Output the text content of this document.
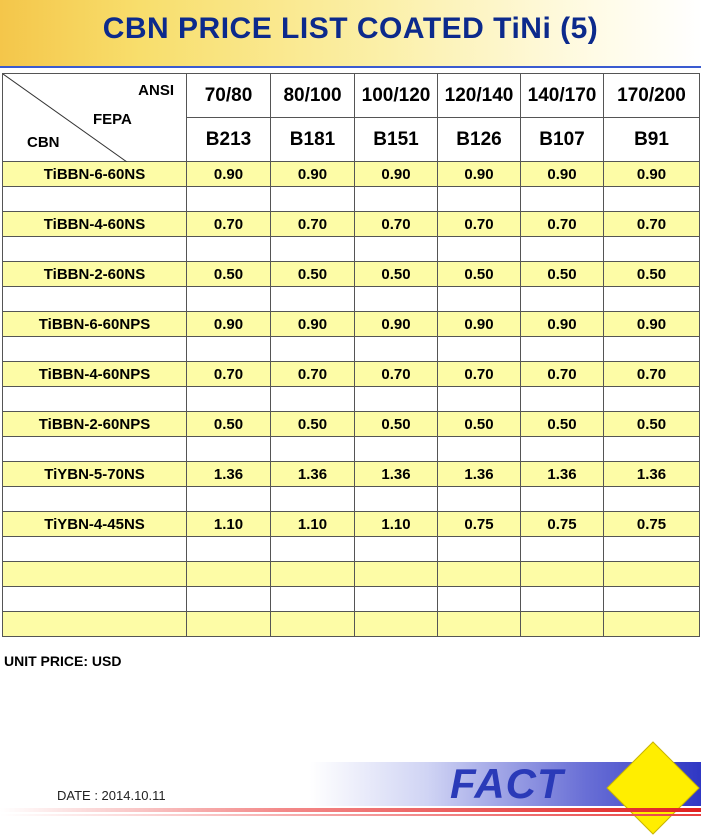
CBN PRICE LIST COATED TiNi (5)
ANSI
FEPA
CBN	70/80	80/100	100/120	120/140	140/170	170/200
	B213	B181	B151	B126	B107	B91
TiBBN-6-60NS	0.90	0.90	0.90	0.90	0.90	0.90

TiBBN-4-60NS	0.70	0.70	0.70	0.70	0.70	0.70

TiBBN-2-60NS	0.50	0.50	0.50	0.50	0.50	0.50

TiBBN-6-60NPS	0.90	0.90	0.90	0.90	0.90	0.90

TiBBN-4-60NPS	0.70	0.70	0.70	0.70	0.70	0.70

TiBBN-2-60NPS	0.50	0.50	0.50	0.50	0.50	0.50

TiYBN-5-70NS	1.36	1.36	1.36	1.36	1.36	1.36

TiYBN-4-45NS	1.10	1.10	1.10	0.75	0.75	0.75

UNIT PRICE: USD
FACT
DATE : 2014.10.11
